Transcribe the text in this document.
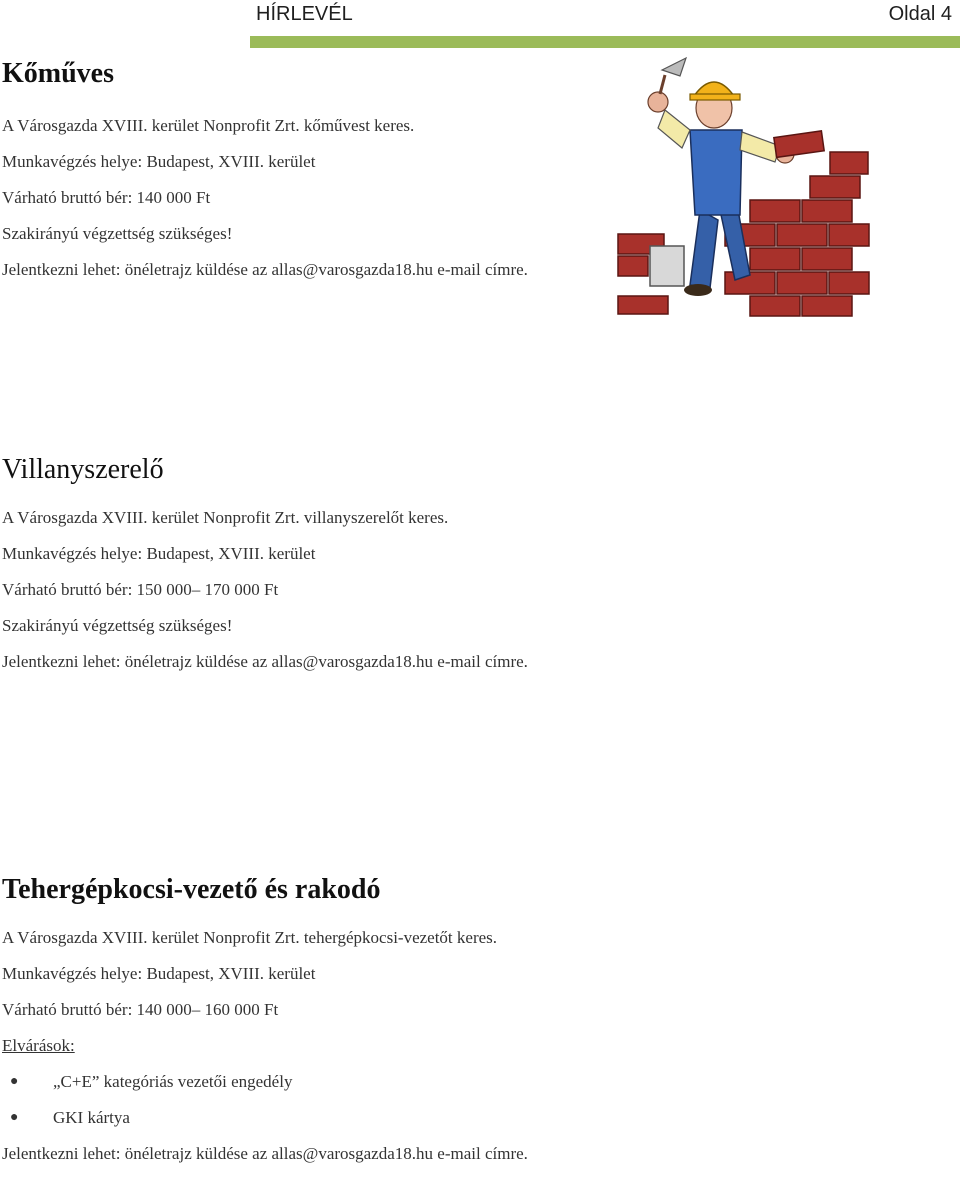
HÍRLEVÉL	Oldal 4
Kőműves
A Városgazda XVIII. kerület Nonprofit Zrt. kőművest keres.
Munkavégzés helye: Budapest, XVIII. kerület
Várható bruttó bér: 140 000 Ft
Szakirányú végzettség szükséges!
Jelentkezni lehet: önéletrajz küldése az allas@varosgazda18.hu e-mail címre.
Villanyszerelő
A Városgazda XVIII. kerület Nonprofit Zrt. villanyszerelőt keres.
Munkavégzés helye: Budapest, XVIII. kerület
Várható bruttó bér: 150 000– 170 000 Ft
Szakirányú végzettség szükséges!
Jelentkezni lehet: önéletrajz küldése az allas@varosgazda18.hu e-mail címre.
Tehergépkocsi-vezető és rakodó
A Városgazda XVIII. kerület Nonprofit Zrt. tehergépkocsi-vezetőt keres.
Munkavégzés helye: Budapest, XVIII. kerület
Várható bruttó bér: 140 000– 160 000 Ft
Elvárások:
● „C+E” kategóriás vezetői engedély
● GKI kártya
Jelentkezni lehet: önéletrajz küldése az allas@varosgazda18.hu e-mail címre.
